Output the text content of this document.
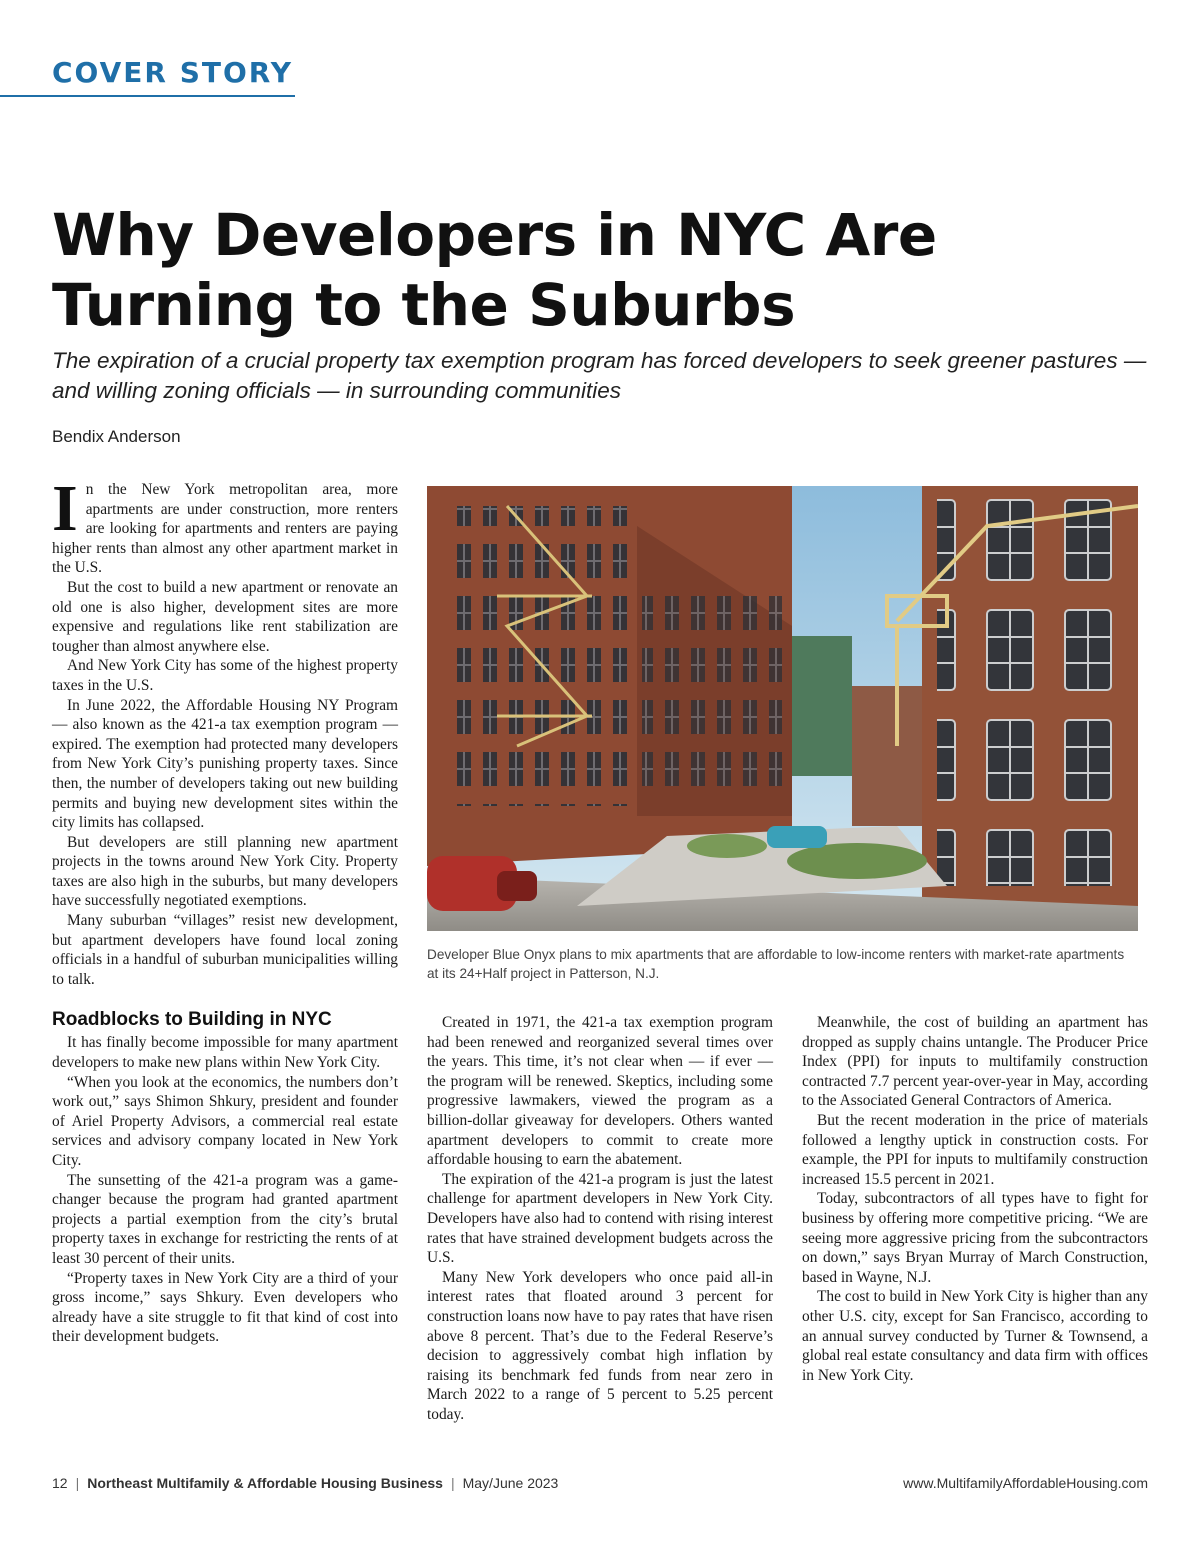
COVER STORY
Why Developers in NYC Are Turning to the Suburbs

The expiration of a crucial property tax exemption program has forced developers to seek greener pastures — and willing zoning officials — in surrounding communities

Bendix Anderson

In the New York metropolitan area, more apartments are under construction, more renters are looking for apartments and renters are paying higher rents than almost any other apartment market in the U.S.

But the cost to build a new apartment or renovate an old one is also higher, development sites are more expensive and regulations like rent stabilization are tougher than almost anywhere else.

And New York City has some of the highest property taxes in the U.S.

In June 2022, the Affordable Housing NY Program — also known as the 421-a tax exemption program — expired. The exemption had protected many developers from New York City’s punishing property taxes. Since then, the number of developers taking out new building permits and buying new development sites within the city limits has collapsed.

But developers are still planning new apartment projects in the towns around New York City. Property taxes are also high in the suburbs, but many developers have successfully negotiated exemptions.

Many suburban “villages” resist new development, but apartment developers have found local zoning officials in a handful of suburban municipalities willing to talk.

Roadblocks to Building in NYC

It has finally become impossible for many apartment developers to make new plans within New York City.

“When you look at the economics, the numbers don’t work out,” says Shimon Shkury, president and founder of Ariel Property Advisors, a commercial real estate services and advisory company located in New York City.

The sunsetting of the 421-a program was a game-changer because the program had granted apartment projects a partial exemption from the city’s brutal property taxes in exchange for restricting the rents of at least 30 percent of their units.

“Property taxes in New York City are a third of your gross income,” says Shkury. Even developers who already have a site struggle to fit that kind of cost into their development budgets.

Developer Blue Onyx plans to mix apartments that are affordable to low-income renters with market-rate apartments at its 24+Half project in Patterson, N.J.

Created in 1971, the 421-a tax exemption program had been renewed and reorganized several times over the years. This time, it’s not clear when — if ever — the program will be renewed. Skeptics, including some progressive lawmakers, viewed the program as a billion-dollar giveaway for developers. Others wanted apartment developers to commit to create more affordable housing to earn the abatement.

The expiration of the 421-a program is just the latest challenge for apartment developers in New York City. Developers have also had to contend with rising interest rates that have strained development budgets across the U.S.

Many New York developers who once paid all-in interest rates that floated around 3 percent for construction loans now have to pay rates that have risen above 8 percent. That’s due to the Federal Reserve’s decision to aggressively combat high inflation by raising its benchmark fed funds from near zero in March 2022 to a range of 5 percent to 5.25 percent today.

Meanwhile, the cost of building an apartment has dropped as supply chains untangle. The Producer Price Index (PPI) for inputs to multifamily construction contracted 7.7 percent year-over-year in May, according to the Associated General Contractors of America.

But the recent moderation in the price of materials followed a lengthy uptick in construction costs. For example, the PPI for inputs to multifamily construction increased 15.5 percent in 2021.

Today, subcontractors of all types have to fight for business by offering more competitive pricing. “We are seeing more aggressive pricing from the subcontractors on down,” says Bryan Murray of March Construction, based in Wayne, N.J.

The cost to build in New York City is higher than any other U.S. city, except for San Francisco, according to an annual survey conducted by Turner & Townsend, a global real estate consultancy and data firm with offices in New York City.

12 | Northeast Multifamily & Affordable Housing Business | May/June 2023	www.MultifamilyAffordableHousing.com
